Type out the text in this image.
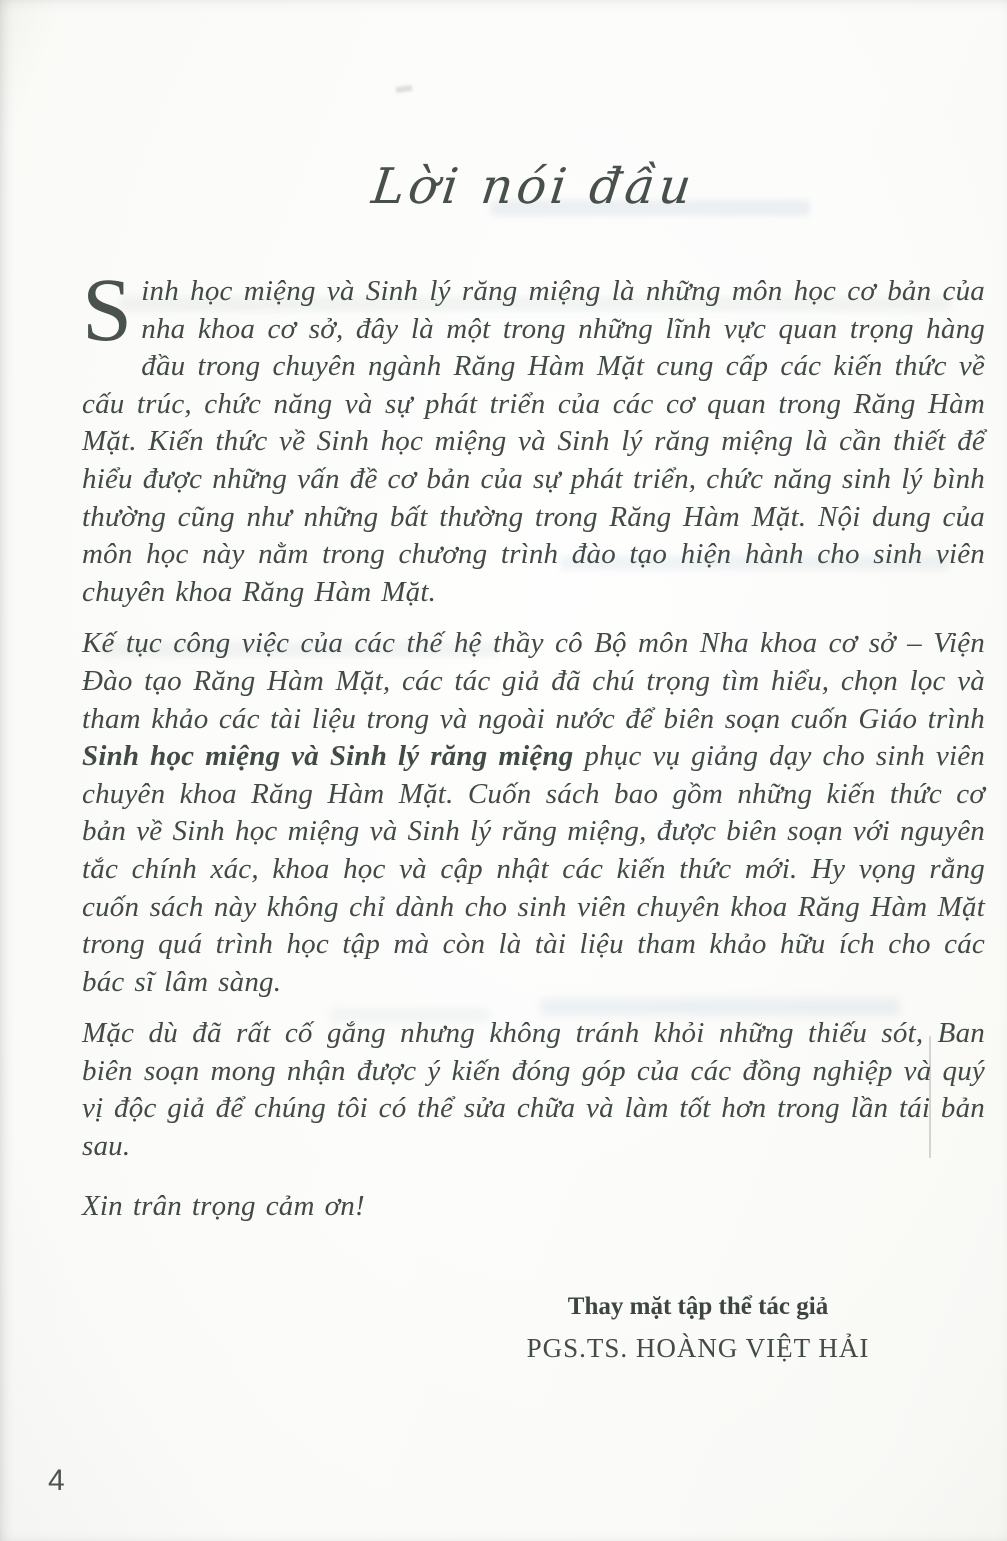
Lời nói đầu

Sinh học miệng và Sinh lý răng miệng là những môn học cơ bản của nha khoa cơ sở, đây là một trong những lĩnh vực quan trọng hàng đầu trong chuyên ngành Răng Hàm Mặt cung cấp các kiến thức về cấu trúc, chức năng và sự phát triển của các cơ quan trong Răng Hàm Mặt. Kiến thức về Sinh học miệng và Sinh lý răng miệng là cần thiết để hiểu được những vấn đề cơ bản của sự phát triển, chức năng sinh lý bình thường cũng như những bất thường trong Răng Hàm Mặt. Nội dung của môn học này nằm trong chương trình đào tạo hiện hành cho sinh viên chuyên khoa Răng Hàm Mặt.

Kế tục công việc của các thế hệ thầy cô Bộ môn Nha khoa cơ sở – Viện Đào tạo Răng Hàm Mặt, các tác giả đã chú trọng tìm hiểu, chọn lọc và tham khảo các tài liệu trong và ngoài nước để biên soạn cuốn Giáo trình Sinh học miệng và Sinh lý răng miệng phục vụ giảng dạy cho sinh viên chuyên khoa Răng Hàm Mặt. Cuốn sách bao gồm những kiến thức cơ bản về Sinh học miệng và Sinh lý răng miệng, được biên soạn với nguyên tắc chính xác, khoa học và cập nhật các kiến thức mới. Hy vọng rằng cuốn sách này không chỉ dành cho sinh viên chuyên khoa Răng Hàm Mặt trong quá trình học tập mà còn là tài liệu tham khảo hữu ích cho các bác sĩ lâm sàng.

Mặc dù đã rất cố gắng nhưng không tránh khỏi những thiếu sót, Ban biên soạn mong nhận được ý kiến đóng góp của các đồng nghiệp và quý vị độc giả để chúng tôi có thể sửa chữa và làm tốt hơn trong lần tái bản sau.

Xin trân trọng cảm ơn!

Thay mặt tập thể tác giả
PGS.TS. HOÀNG VIỆT HẢI
4
